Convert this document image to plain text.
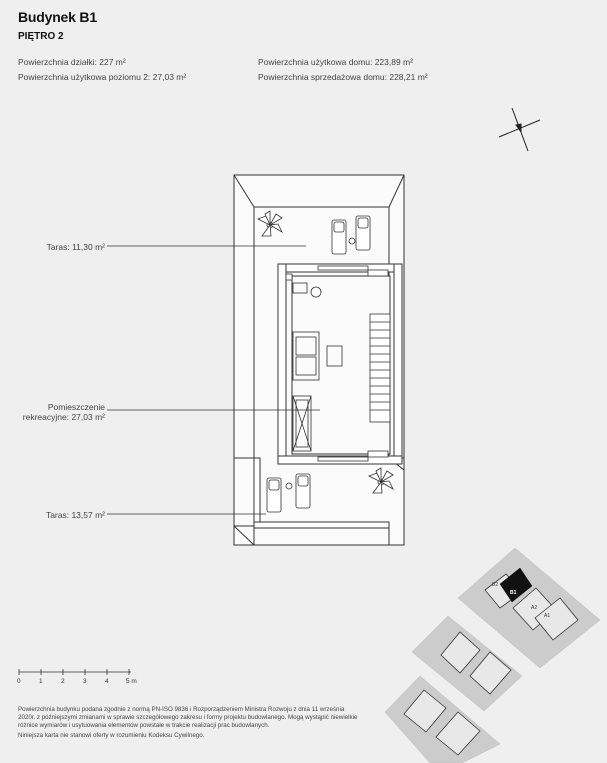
Budynek B1
PIĘTRO 2
Powierzchnia działki: 227 m²
Powierzchnia użytkowa poziomu 2: 27,03 m²
Powierzchnia użytkowa domu: 223,89 m²
Powierzchnia sprzedażowa domu: 228,21 m²
Taras: 11,30 m²
Pomieszczenie
rekreacyjne: 27,03 m²
Taras: 13,57 m²
0	1	2	3	4	5 m
B2
B1
A2
A1

Powierzchnia budynku podana zgodnie z normą PN-ISO 9836 i Rozporządzeniem Ministra Rozwoju z dnia 11 września 2020r. z późniejszymi zmianami w sprawie szczegółowego zakresu i formy projektu budowlanego. Mogą wystąpić niewielkie różnice wymiarów i usytuowania elementów powstałe w trakcie realizacji prac budowlanych.

Niniejsza karta nie stanowi oferty w rozumieniu Kodeksu Cywilnego.
